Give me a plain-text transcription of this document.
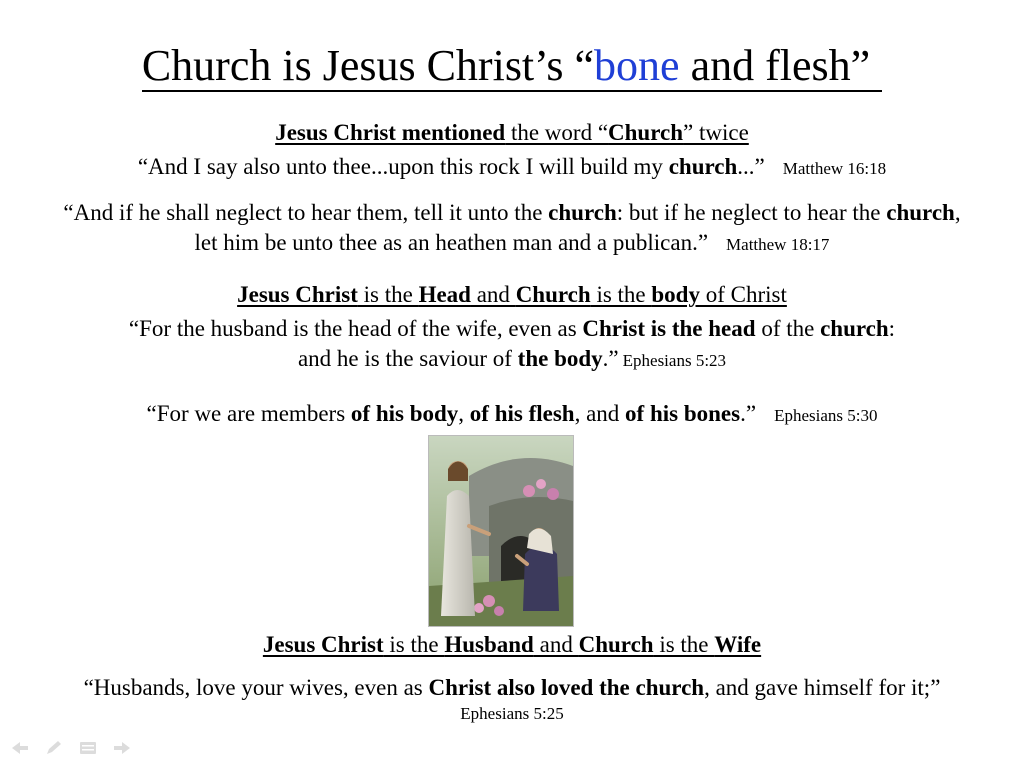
Church is Jesus Christ’s “bone and flesh”
Jesus Christ mentioned the word “Church” twice
“And I say also unto thee...upon this rock I will build my church...” Matthew 16:18
“And if he shall neglect to hear them, tell it unto the church: but if he neglect to hear the church,
let him be unto thee as an heathen man and a publican.” Matthew 18:17
Jesus Christ is the Head and Church is the body of Christ
“For the husband is the head of the wife, even as Christ is the head of the church:
and he is the saviour of the body.” Ephesians 5:23
“For we are members of his body, of his flesh, and of his bones.” Ephesians 5:30
Jesus Christ is the Husband and Church is the Wife
“Husbands, love your wives, even as Christ also loved the church, and gave himself for it;”
Ephesians 5:25
